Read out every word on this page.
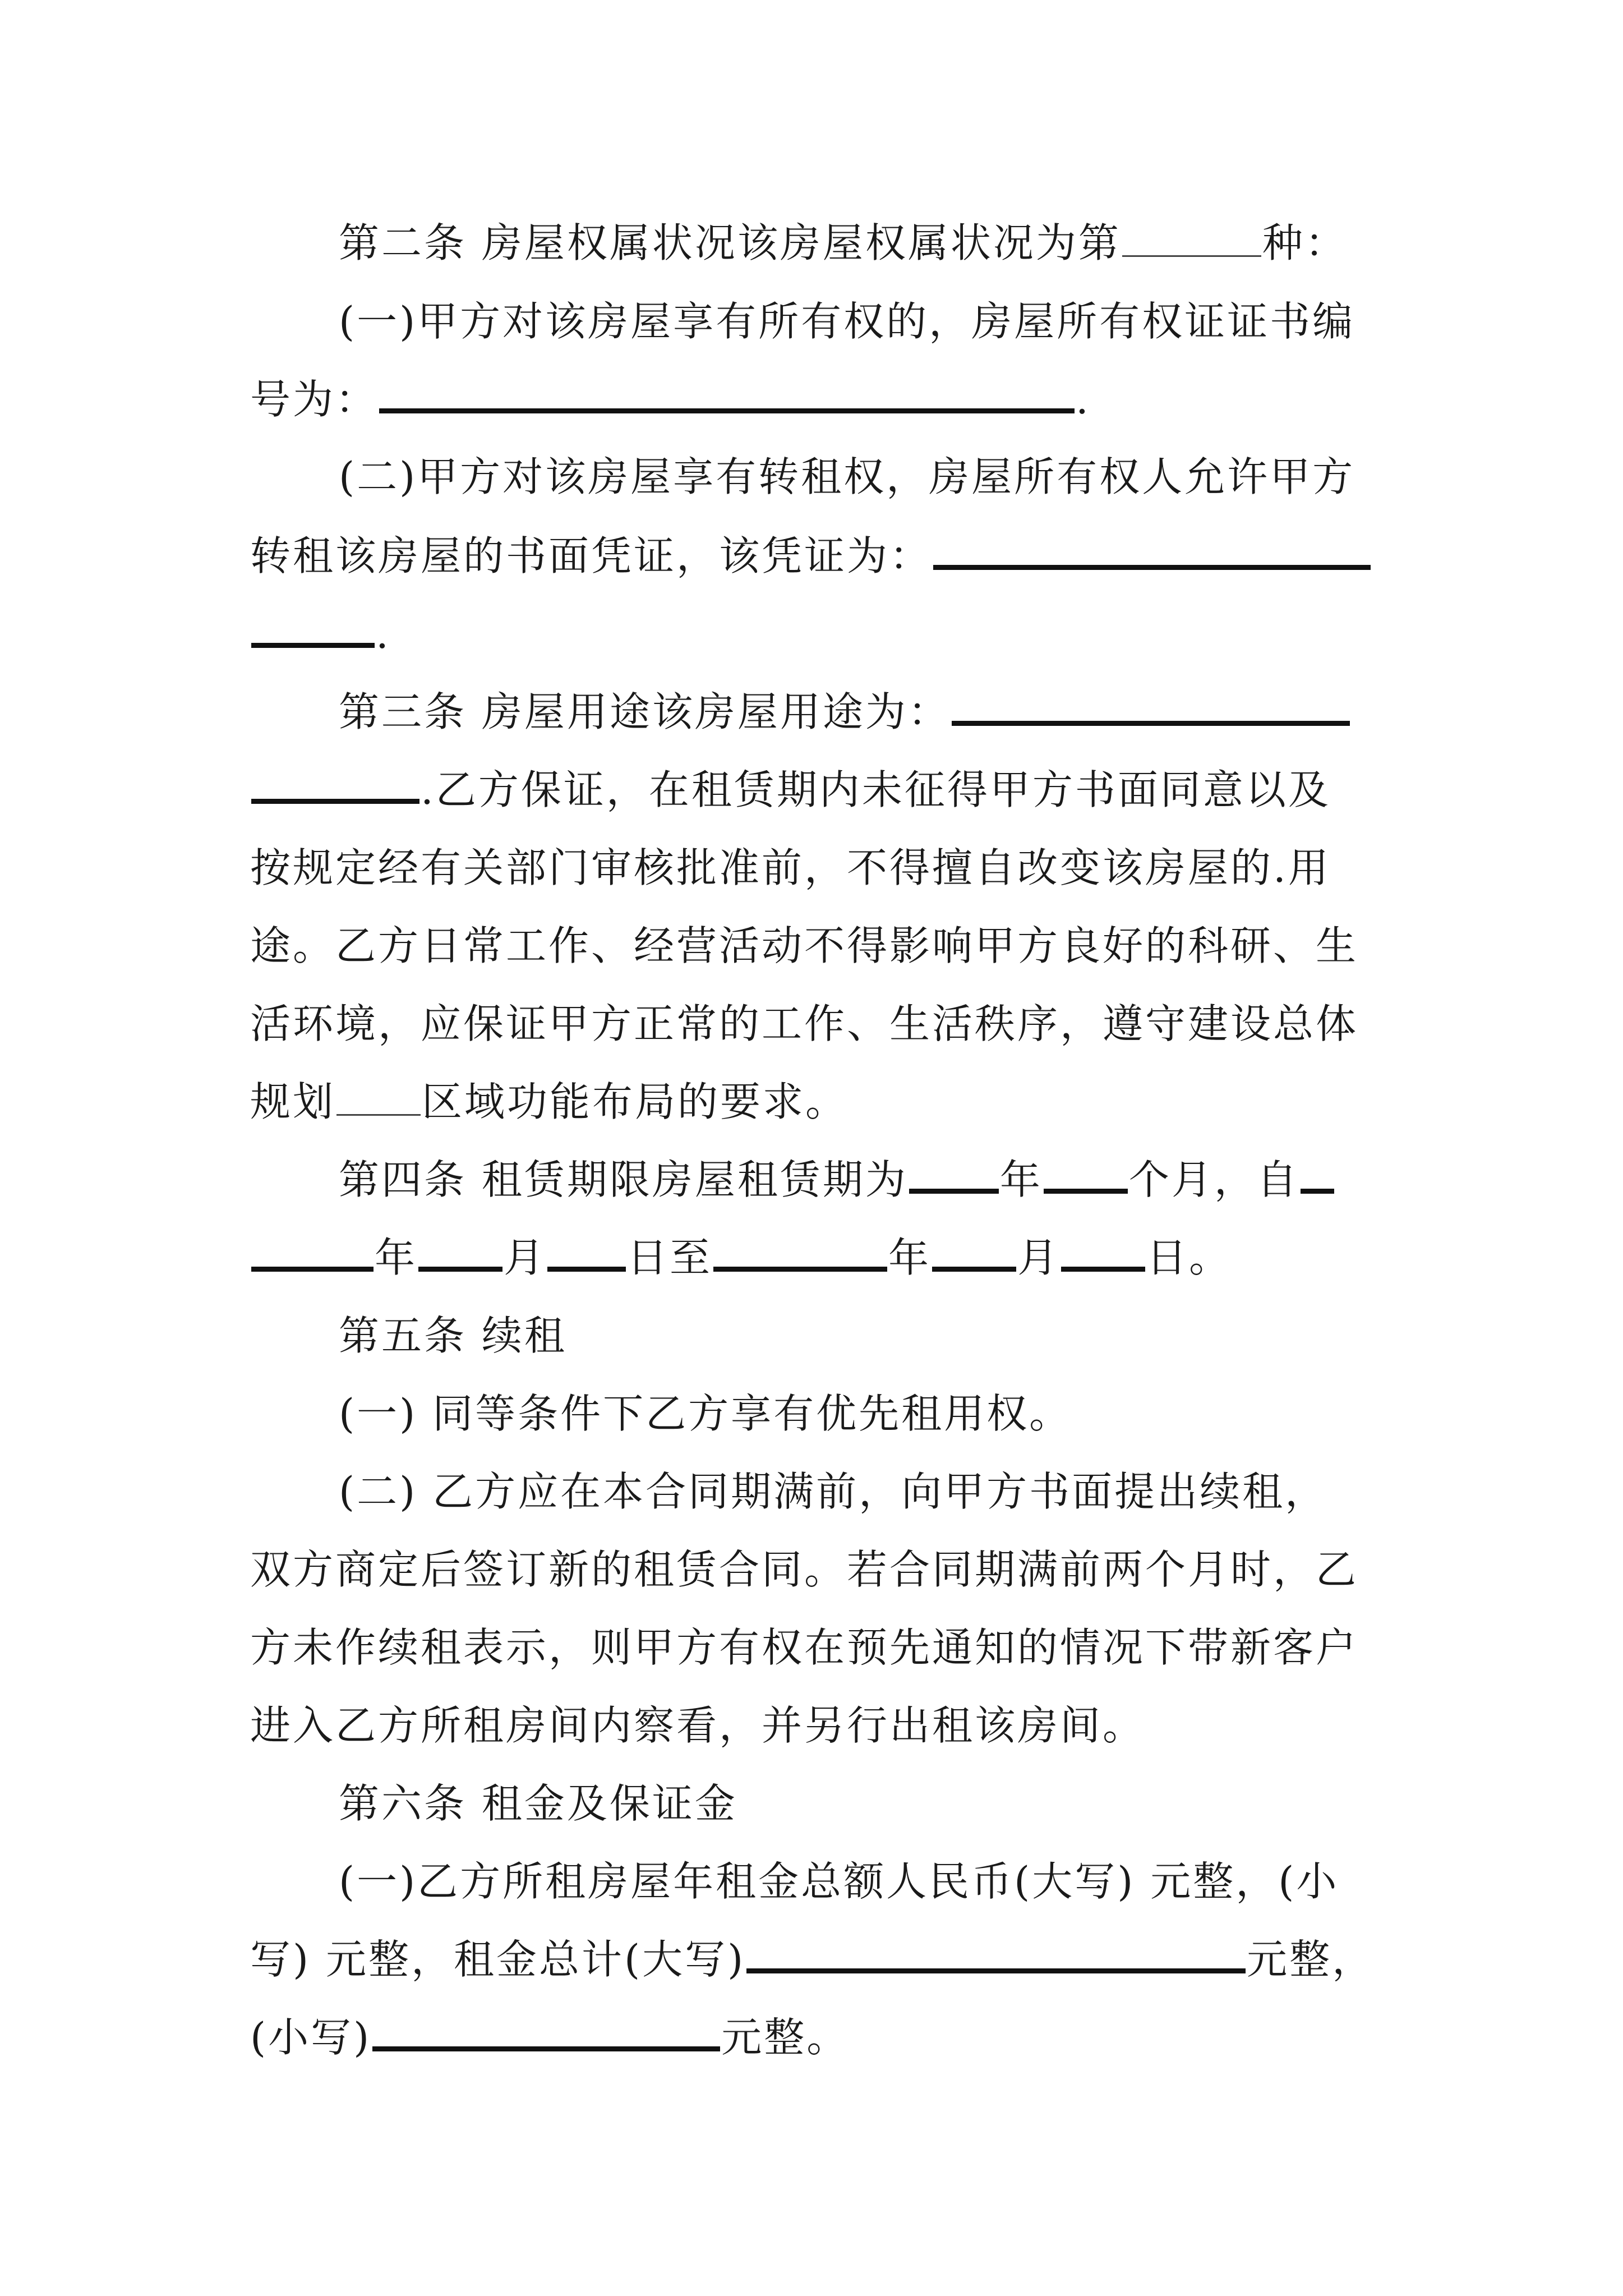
第二条 房屋权属状况该房屋权属状况为第	种：
(一)甲方对该房屋享有所有权的，房屋所有权证证书编
号为：	.
(二)甲方对该房屋享有转租权，房屋所有权人允许甲方
转租该房屋的书面凭证，该凭证为：
.
第三条 房屋用途该房屋用途为：
.乙方保证，在租赁期内未征得甲方书面同意以及
按规定经有关部门审核批准前，不得擅自改变该房屋的.用
途。乙方日常工作、经营活动不得影响甲方良好的科研、生
活环境，应保证甲方正常的工作、生活秩序，遵守建设总体
规划 区域功能布局的要求。
第四条 租赁期限房屋租赁期为 年 个月，自
年 月 日至	年 月 日。
第五条 续租
(一) 同等条件下乙方享有优先租用权。
(二) 乙方应在本合同期满前，向甲方书面提出续租，
双方商定后签订新的租赁合同。若合同期满前两个月时，乙
方未作续租表示，则甲方有权在预先通知的情况下带新客户
进入乙方所租房间内察看，并另行出租该房间。
第六条 租金及保证金
(一)乙方所租房屋年租金总额人民币(大写) 元整，(小
写) 元整，租金总计(大写)	元整，
(小写)	元整。
